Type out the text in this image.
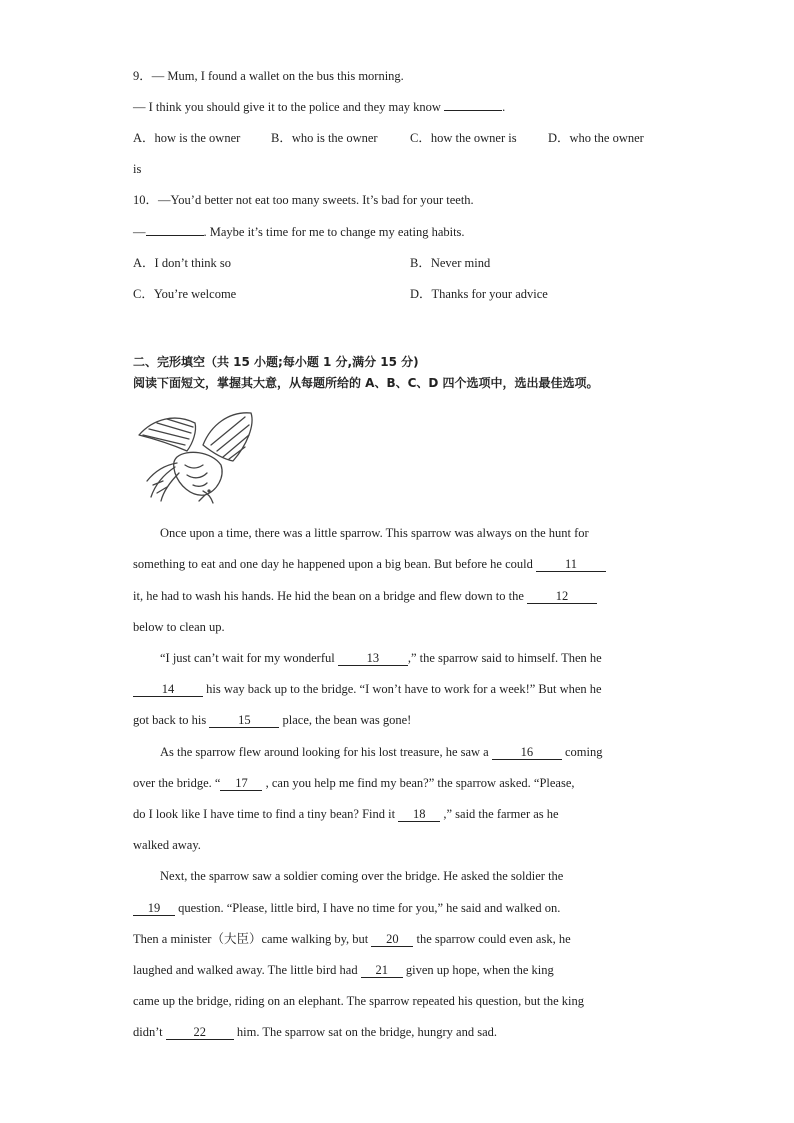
9．— Mum, I found a wallet on the bus this morning.
— I think you should give it to the police and they may know	.
A．how is the owner B．who is the owner	C．how the owner is	D．who the owner
is
10．—You’d better not eat too many sweets. It’s bad for your teeth.
—	. Maybe it’s time for me to change my eating habits.
A．I don’t think so	B．Never mind
C．You’re welcome	D．Thanks for your advice
二、完形填空（共 15 小题;每小题 1 分,满分 15 分)
阅读下面短文，掌握其大意，从每题所给的 A、B、C、D 四个选项中，选出最佳选项。
Once upon a time, there was a little sparrow. This sparrow was always on the hunt for
something to eat and one day he happened upon a big bean. But before he could 11
it, he had to wash his hands. He hid the bean on a bridge and flew down to the 12
below to clean up.
“I just can’t wait for my wonderful 13 ,” the sparrow said to himself. Then he
14 his way back up to the bridge. “I won’t have to work for a week!” But when he
got back to his 15 place, the bean was gone!
As the sparrow flew around looking for his lost treasure, he saw a 16 coming
over the bridge. “ 17 , can you help me find my bean?” the sparrow asked. “Please,
do I look like I have time to find a tiny bean? Find it 18 ,” said the farmer as he
walked away.
Next, the sparrow saw a soldier coming over the bridge. He asked the soldier the
19 question. “Please, little bird, I have no time for you,” he said and walked on.
Then a minister（大臣）came walking by, but 20 the sparrow could even ask, he
laughed and walked away. The little bird had 21 given up hope, when the king
came up the bridge, riding on an elephant. The sparrow repeated his question, but the king
didn’t 22 him. The sparrow sat on the bridge, hungry and sad.
